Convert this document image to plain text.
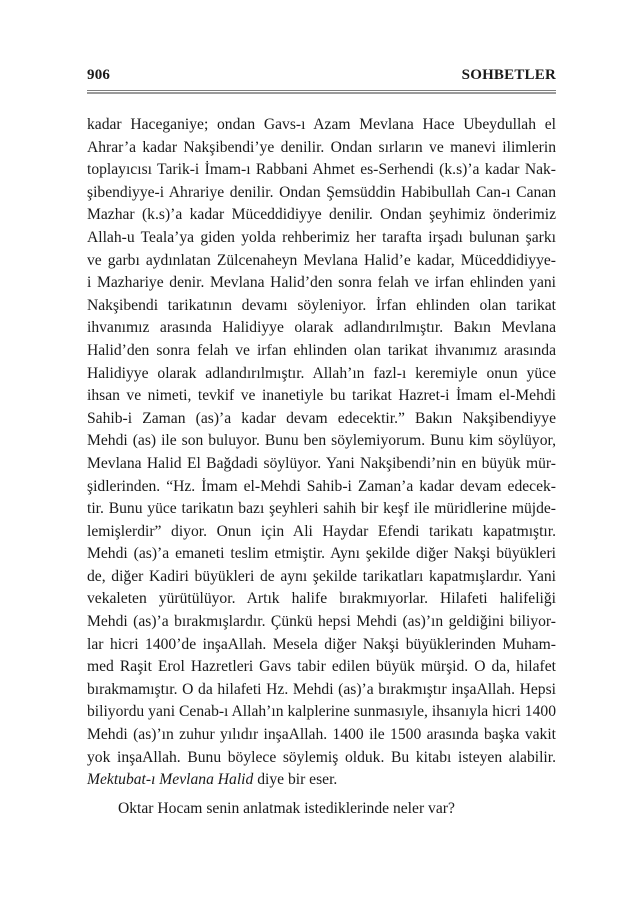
906	SOHBETLER
kadar Haceganiye; ondan Gavs-ı Azam Mevlana Hace Ubeydullah el
Ahrar’a kadar Nakşibendi’ye denilir. Ondan sırların ve manevi ilimlerin
toplayıcısı Tarik-i İmam-ı Rabbani Ahmet es-Serhendi (k.s)’a kadar Nak-
şibendiyye-i Ahrariye denilir. Ondan Şemsüddin Habibullah Can-ı Canan
Mazhar (k.s)’a kadar Müceddidiyye denilir. Ondan şeyhimiz önderimiz
Allah-u Teala’ya giden yolda rehberimiz her tarafta irşadı bulunan şarkı
ve garbı aydınlatan Zülcenaheyn Mevlana Halid’e kadar, Müceddidiyye-
i Mazhariye denir. Mevlana Halid’den sonra felah ve irfan ehlinden yani
Nakşibendi tarikatının devamı söyleniyor. İrfan ehlinden olan tarikat
ihvanımız arasında Halidiyye olarak adlandırılmıştır. Bakın Mevlana
Halid’den sonra felah ve irfan ehlinden olan tarikat ihvanımız arasında
Halidiyye olarak adlandırılmıştır. Allah’ın fazl-ı keremiyle onun yüce
ihsan ve nimeti, tevkif ve inanetiyle bu tarikat Hazret-i İmam el-Mehdi
Sahib-i Zaman (as)’a kadar devam edecektir.” Bakın Nakşibendiyye
Mehdi (as) ile son buluyor. Bunu ben söylemiyorum. Bunu kim söylüyor,
Mevlana Halid El Bağdadi söylüyor. Yani Nakşibendi’nin en büyük mür-
şidlerinden. “Hz. İmam el-Mehdi Sahib-i Zaman’a kadar devam edecek-
tir. Bunu yüce tarikatın bazı şeyhleri sahih bir keşf ile müridlerine müjde-
lemişlerdir” diyor. Onun için Ali Haydar Efendi tarikatı kapatmıştır.
Mehdi (as)’a emaneti teslim etmiştir. Aynı şekilde diğer Nakşi büyükleri
de, diğer Kadiri büyükleri de aynı şekilde tarikatları kapatmışlardır. Yani
vekaleten yürütülüyor. Artık halife bırakmıyorlar. Hilafeti halifeliği
Mehdi (as)’a bırakmışlardır. Çünkü hepsi Mehdi (as)’ın geldiğini biliyor-
lar hicri 1400’de inşaAllah. Mesela diğer Nakşi büyüklerinden Muham-
med Raşit Erol Hazretleri Gavs tabir edilen büyük mürşid. O da, hilafet
bırakmamıştır. O da hilafeti Hz. Mehdi (as)’a bırakmıştır inşaAllah. Hepsi
biliyordu yani Cenab-ı Allah’ın kalplerine sunmasıyle, ihsanıyla hicri 1400
Mehdi (as)’ın zuhur yılıdır inşaAllah. 1400 ile 1500 arasında başka vakit
yok inşaAllah. Bunu böylece söylemiş olduk. Bu kitabı isteyen alabilir.
Mektubat-ı Mevlana Halid diye bir eser.

Oktar Hocam senin anlatmak istediklerinde neler var?
